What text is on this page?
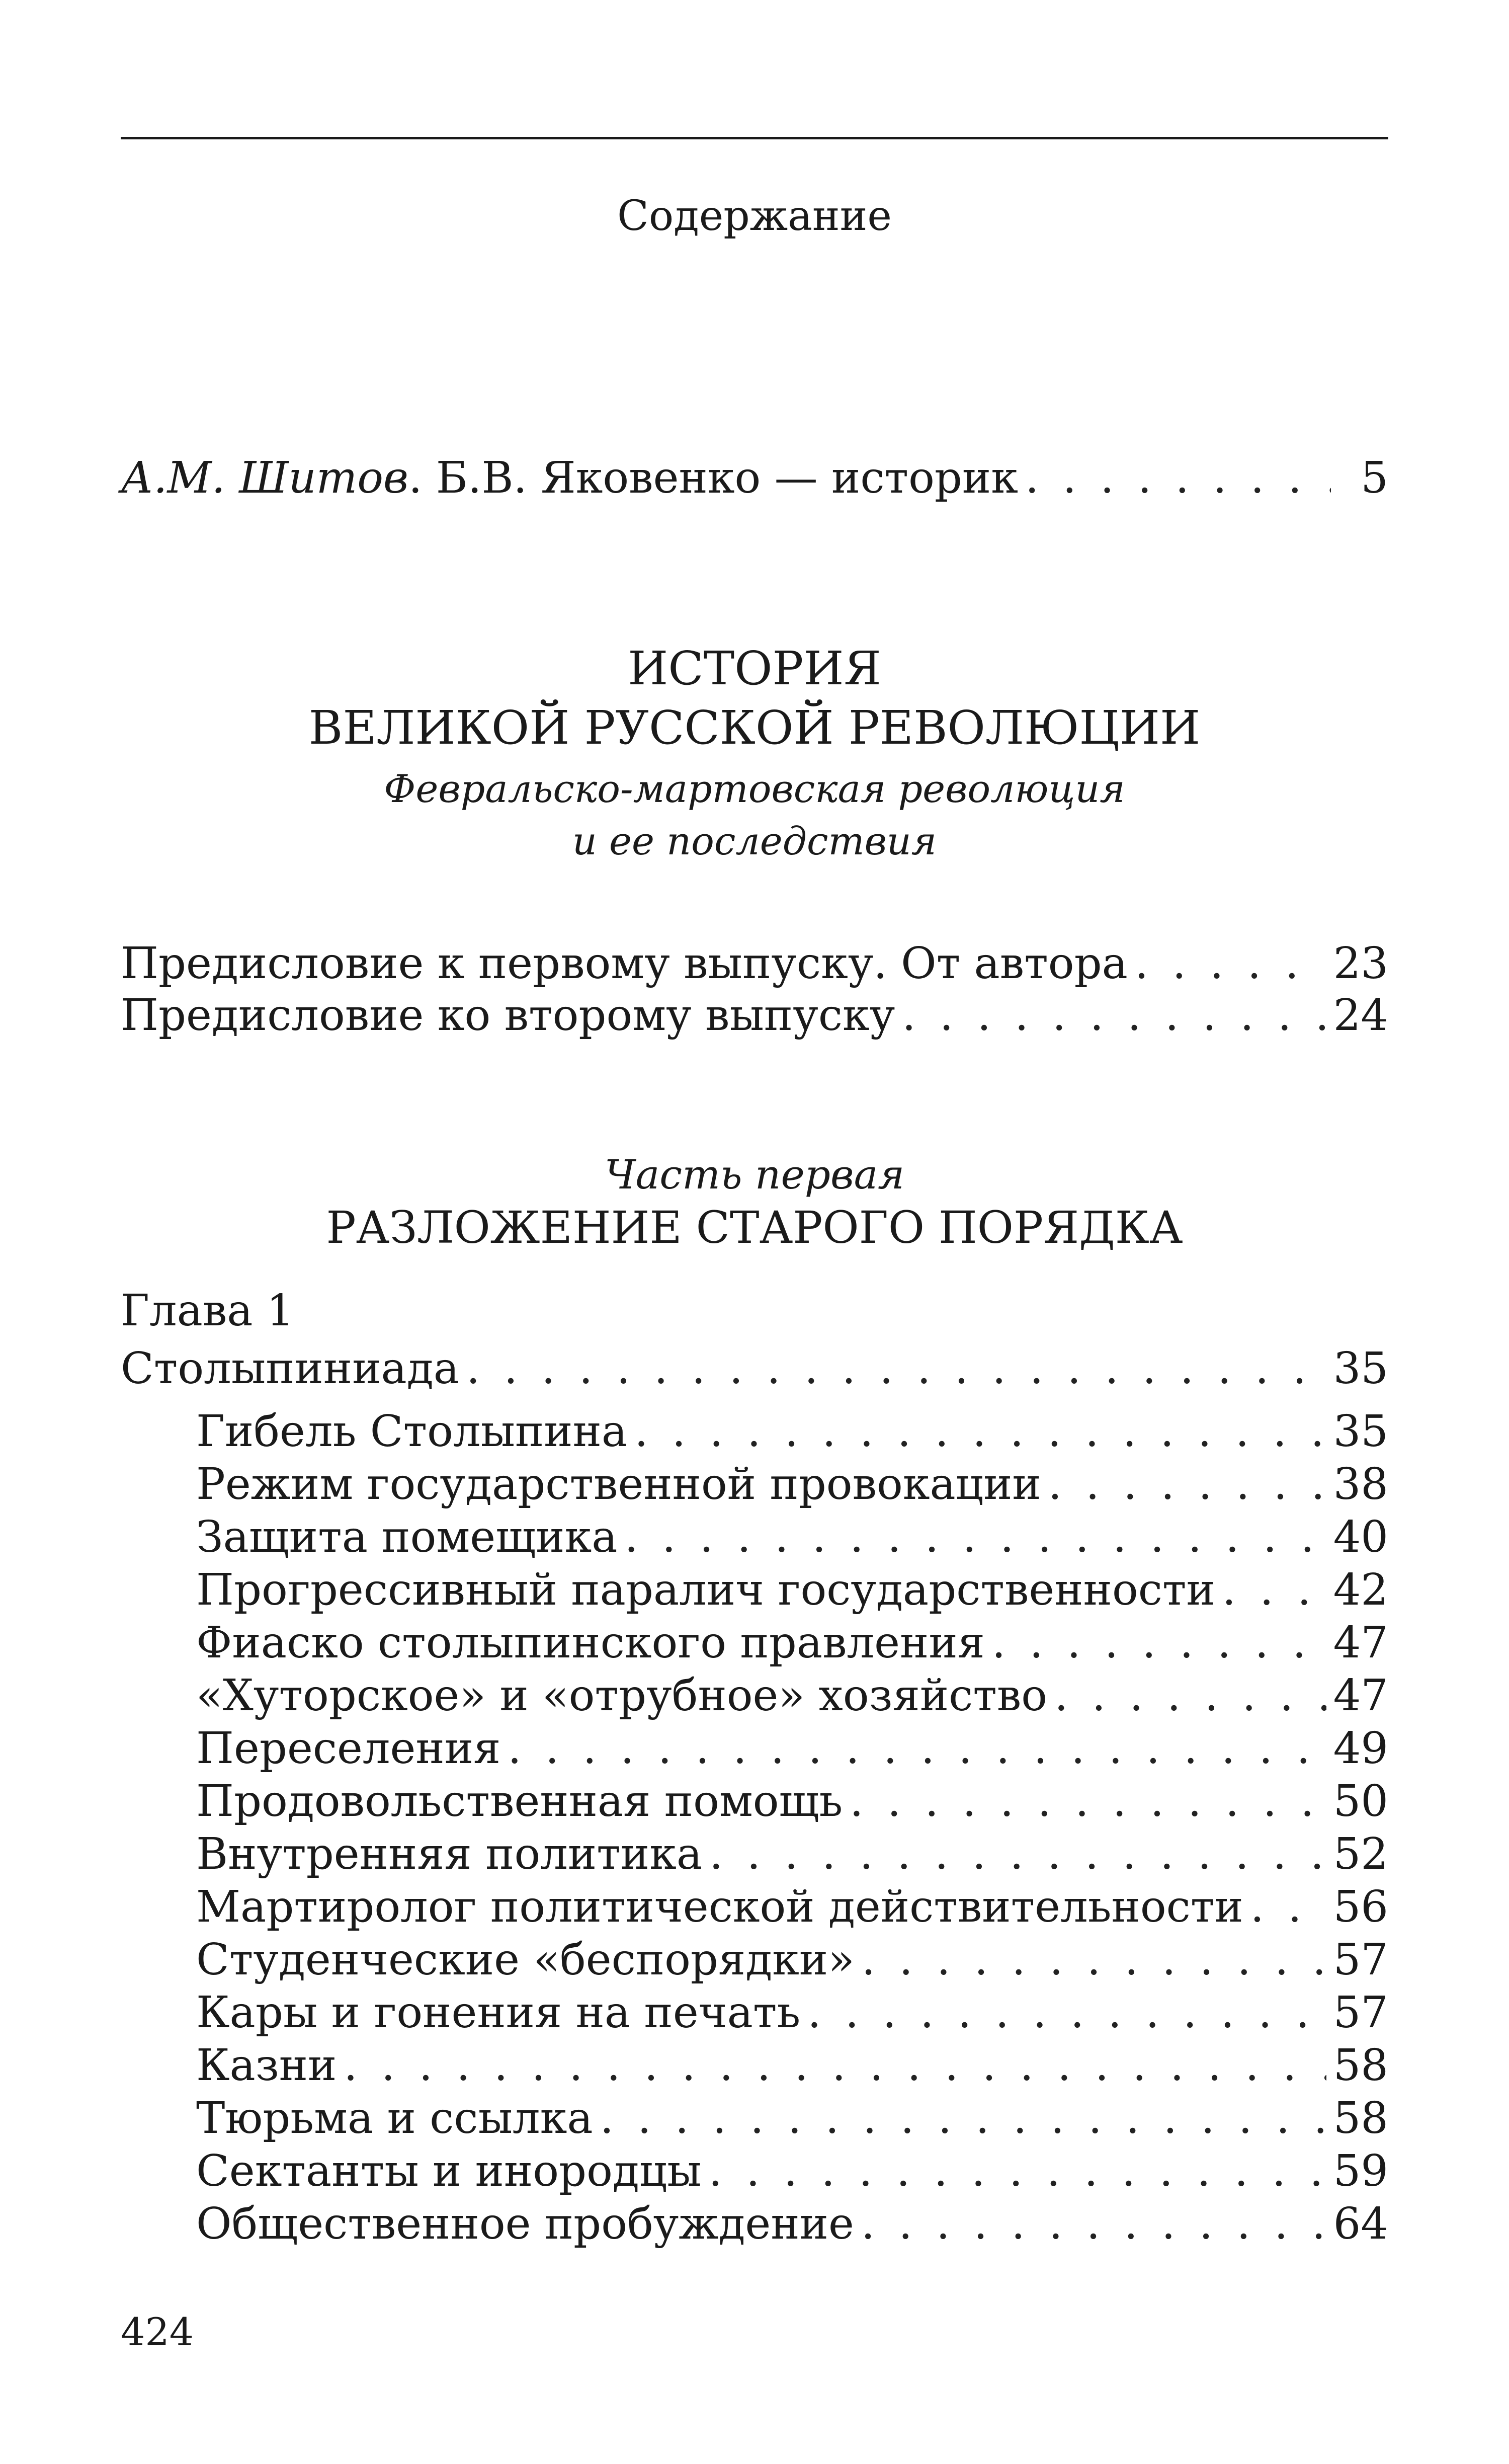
Содержание
А.М. Шитов. Б.В. Яковенко — историк . . .	5
ИСТОРИЯ
ВЕЛИКОЙ РУССКОЙ РЕВОЛЮЦИИ
Февральско-мартовская революция
и ее последствия
Предисловие к первому выпуску. От автора . . .	23
Предисловие ко второму выпуску . . .	24
Часть первая
РАЗЛОЖЕНИЕ СТАРОГО ПОРЯДКА
Глава 1
Столыпиниада . . .	35
Гибель Столыпина . . .	35
Режим государственной провокации . . .	38
Защита помещика . . .	40
Прогрессивный паралич государственности . . .	42
Фиаско столыпинского правления . . .	47
«Хуторское» и «отрубное» хозяйство . . .	47
Переселения . . .	49
Продовольственная помощь . . .	50
Внутренняя политика . . .	52
Мартиролог политической действительности . . . 56
Студенческие «беспорядки» . . .	57
Кары и гонения на печать . . .	57
Казни . . .	58
Тюрьма и ссылка . . .	58
Сектанты и инородцы . . .	59
Общественное пробуждение . . .	64
424
